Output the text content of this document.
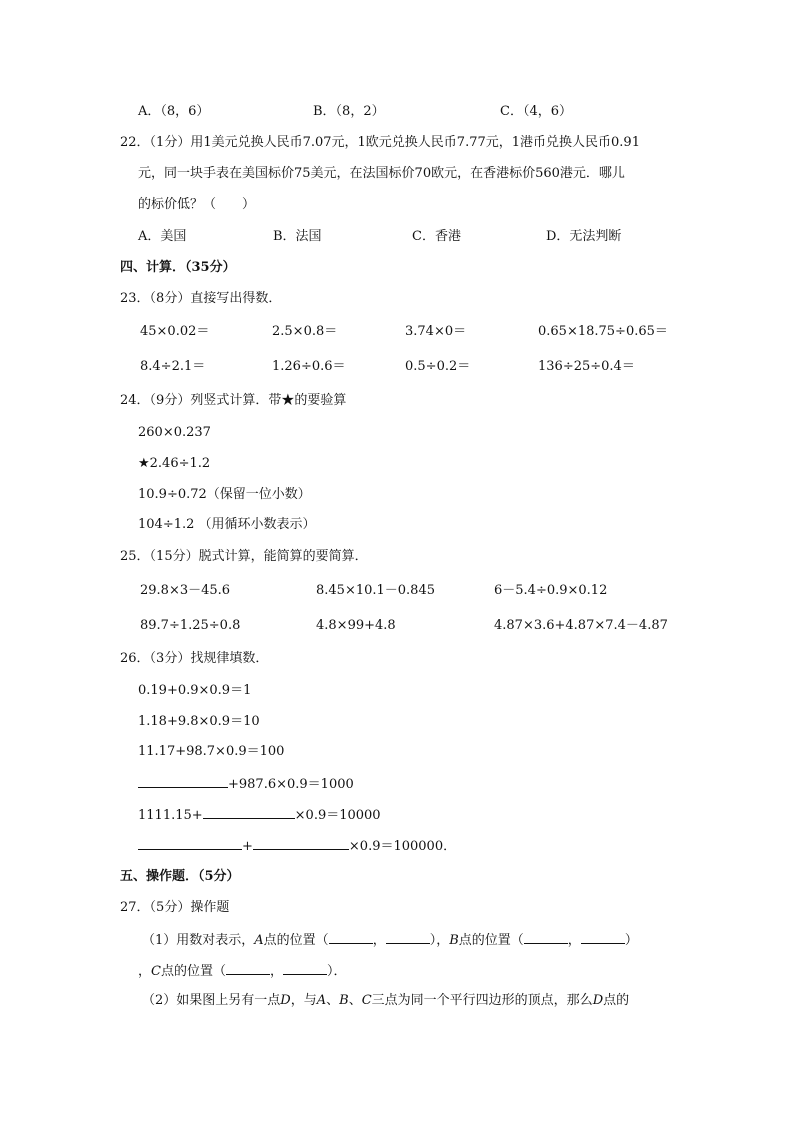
A．（8，6）	B．（8，2）	C．（4，6）
22．（1分）用1美元兑换人民币7.07元，1欧元兑换人民币7.77元，1港币兑换人民币0.91
元，同一块手表在美国标价75美元，在法国标价70欧元，在香港标价560港元．哪儿
的标价低？（　　）
A．美国	B．法国	C．香港	D．无法判断
四、计算．（35分）
23．（8分）直接写出得数．
45×0.02＝	2.5×0.8＝	3.74×0＝	0.65×18.75÷0.65＝
8.4÷2.1＝	1.26÷0.6＝	0.5÷0.2＝	136÷25÷0.4＝
24．（9分）列竖式计算．带★的要验算
260×0.237
★2.46÷1.2
10.9÷0.72（保留一位小数）
104÷1.2 （用循环小数表示）
25．（15分）脱式计算，能简算的要简算．
29.8×3－45.6	8.45×10.1－0.845	6－5.4÷0.9×0.12
89.7÷1.25÷0.8	4.8×99+4.8	4.87×3.6+4.87×7.4－4.87
26．（3分）找规律填数．
0.19+0.9×0.9＝1
1.18+9.8×0.9＝10
11.17+98.7×0.9＝100
+987.6×0.9＝1000
1111.15+	×0.9＝10000
+	×0.9＝100000．
五、操作题．（5分）
27．（5分）操作题
（1）用数对表示，A点的位置（	，	），B点的位置（	，	）
，C点的位置（	，	）．
（2）如果图上另有一点D，与A、B、C三点为同一个平行四边形的顶点，那么D点的
